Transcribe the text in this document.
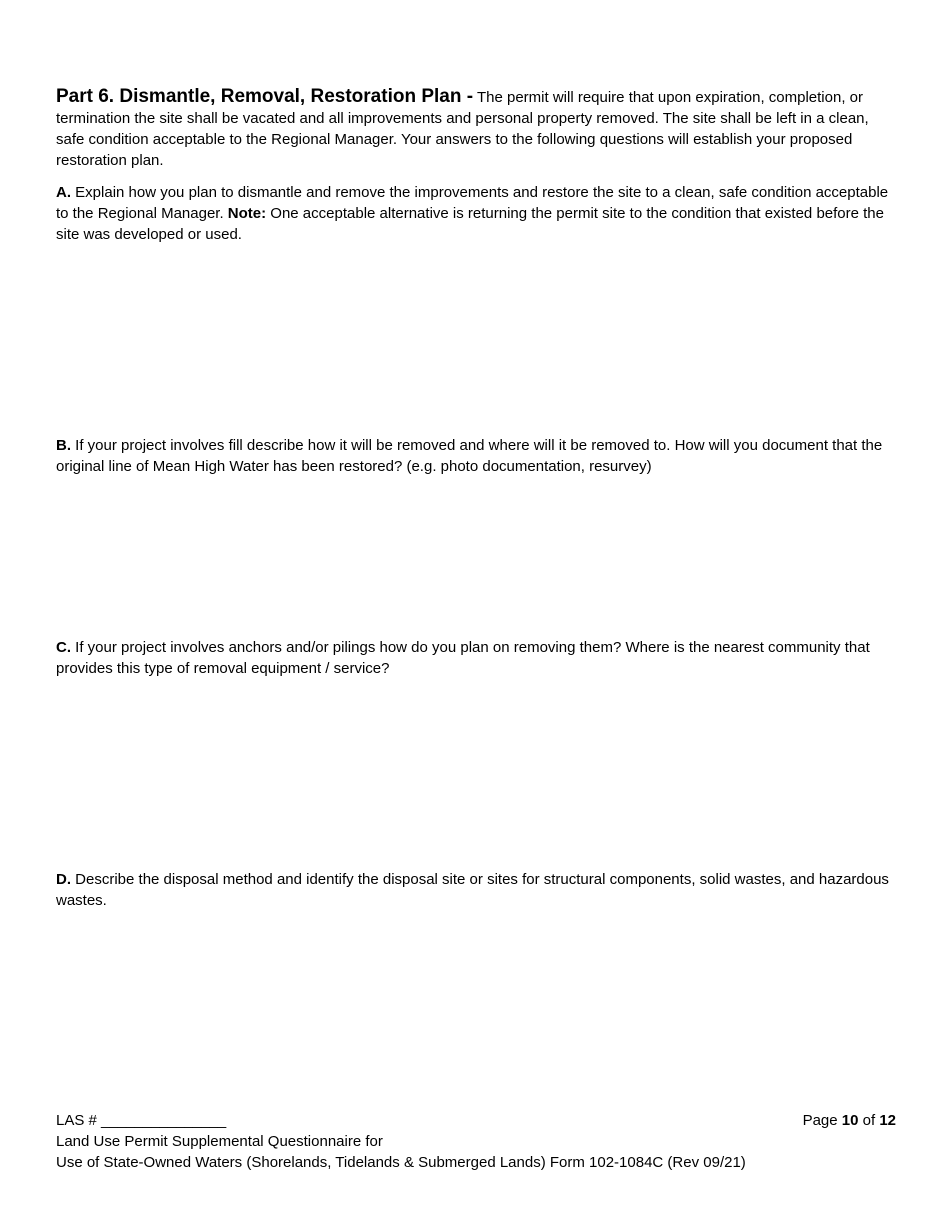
Part 6. Dismantle, Removal, Restoration Plan - The permit will require that upon expiration, completion, or termination the site shall be vacated and all improvements and personal property removed. The site shall be left in a clean, safe condition acceptable to the Regional Manager. Your answers to the following questions will establish your proposed restoration plan.
A. Explain how you plan to dismantle and remove the improvements and restore the site to a clean, safe condition acceptable to the Regional Manager. Note: One acceptable alternative is returning the permit site to the condition that existed before the site was developed or used.
B. If your project involves fill describe how it will be removed and where will it be removed to. How will you document that the original line of Mean High Water has been restored? (e.g. photo documentation, resurvey)
C. If your project involves anchors and/or pilings how do you plan on removing them? Where is the nearest community that provides this type of removal equipment / service?
D. Describe the disposal method and identify the disposal site or sites for structural components, solid wastes, and hazardous wastes.
LAS # _______________	Page 10 of 12
Land Use Permit Supplemental Questionnaire for
Use of State-Owned Waters (Shorelands, Tidelands & Submerged Lands) Form 102-1084C (Rev 09/21)
